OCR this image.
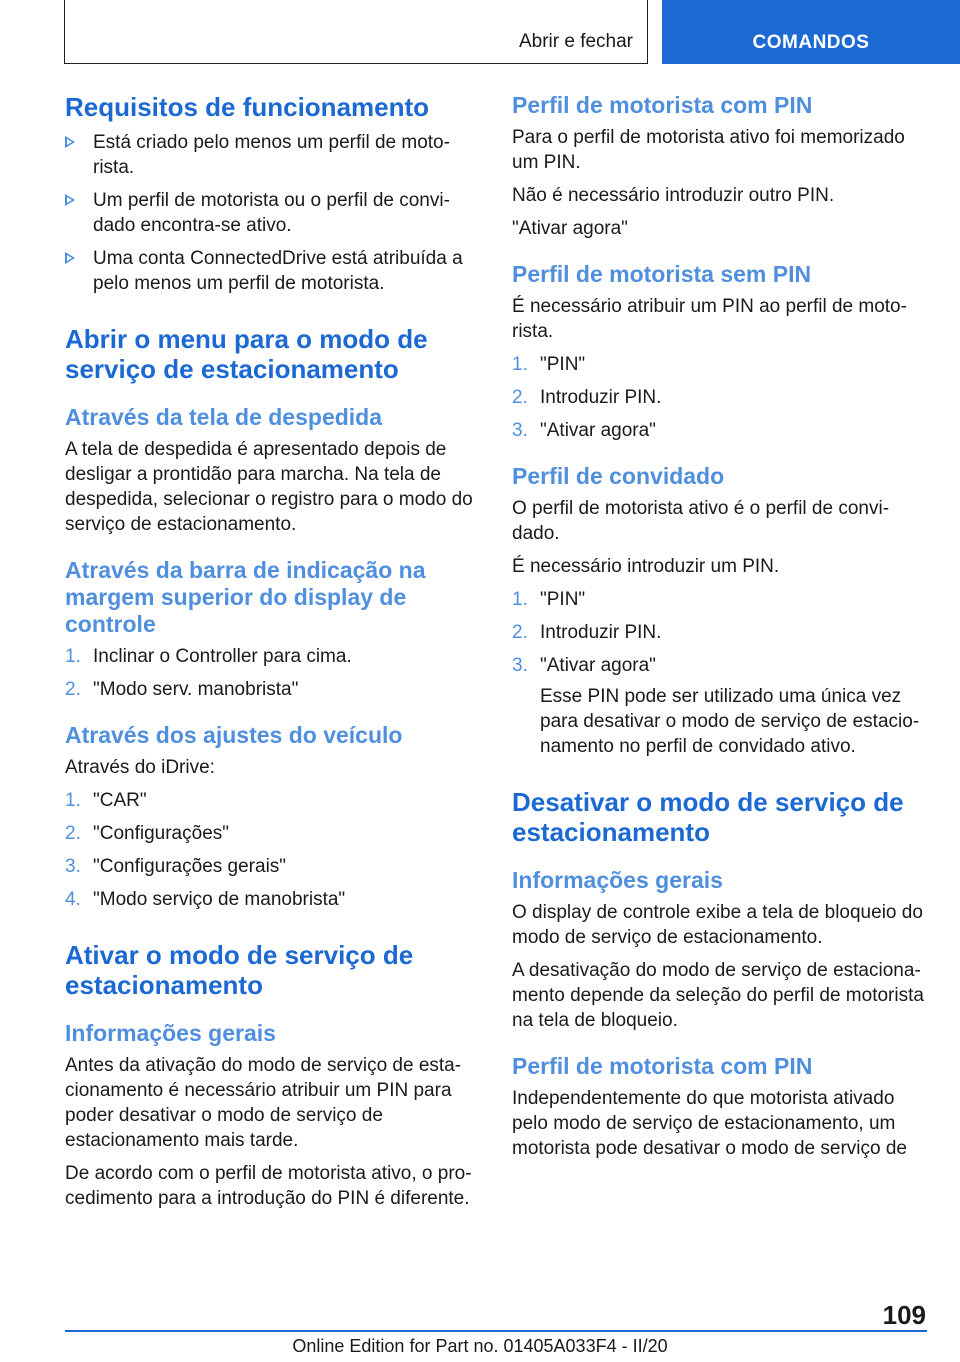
Abrir e fechar	COMANDOS
Requisitos de funcionamento
Está criado pelo menos um perfil de motorista.
Um perfil de motorista ou o perfil de convidado encontra-se ativo.
Uma conta ConnectedDrive está atribuída a pelo menos um perfil de motorista.
Abrir o menu para o modo de serviço de estacionamento
Através da tela de despedida

A tela de despedida é apresentado depois de desligar a prontidão para marcha. Na tela de despedida, selecionar o registro para o modo do serviço de estacionamento.

Através da barra de indicação na margem superior do display de controle
1. Inclinar o Controller para cima.
2. "Modo serv. manobrista"
Através dos ajustes do veículo

Através do iDrive:

1. "CAR"
2. "Configurações"
3. "Configurações gerais"
4. "Modo serviço de manobrista"
Ativar o modo de serviço de estacionamento
Informações gerais

Antes da ativação do modo de serviço de estacionamento é necessário atribuir um PIN para poder desativar o modo de serviço de estacionamento mais tarde.

De acordo com o perfil de motorista ativo, o procedimento para a introdução do PIN é diferente.

Perfil de motorista com PIN

Para o perfil de motorista ativo foi memorizado um PIN.

Não é necessário introduzir outro PIN.

"Ativar agora"

Perfil de motorista sem PIN

É necessário atribuir um PIN ao perfil de motorista.

1. "PIN"
2. Introduzir PIN.
3. "Ativar agora"
Perfil de convidado

O perfil de motorista ativo é o perfil de convidado.

É necessário introduzir um PIN.

1. "PIN"
2. Introduzir PIN.
3. "Ativar agora"

Esse PIN pode ser utilizado uma única vez para desativar o modo de serviço de estacionamento no perfil de convidado ativo.

Desativar o modo de serviço de estacionamento
Informações gerais

O display de controle exibe a tela de bloqueio do modo de serviço de estacionamento.

A desativação do modo de serviço de estacionamento depende da seleção do perfil de motorista na tela de bloqueio.

Perfil de motorista com PIN

Independentemente do que motorista ativado pelo modo de serviço de estacionamento, um motorista pode desativar o modo de serviço de

109
Online Edition for Part no. 01405A033F4 - II/20
